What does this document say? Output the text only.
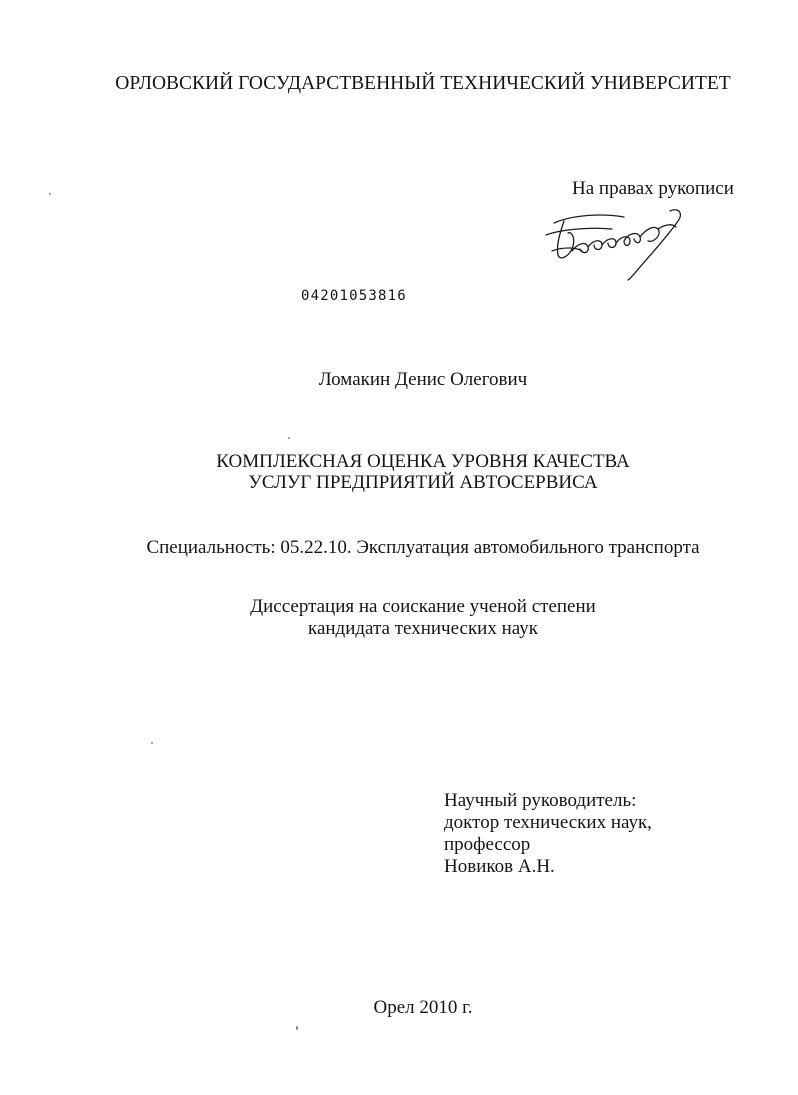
ОРЛОВСКИЙ ГОСУДАРСТВЕННЫЙ ТЕХНИЧЕСКИЙ УНИВЕРСИТЕТ
На правах рукописи
04201053816
Ломакин Денис Олегович
КОМПЛЕКСНАЯ ОЦЕНКА УРОВНЯ КАЧЕСТВА
УСЛУГ ПРЕДПРИЯТИЙ АВТОСЕРВИСА
Специальность: 05.22.10. Эксплуатация автомобильного транспорта
Диссертация на соискание ученой степени
кандидата технических наук
Научный руководитель:
доктор технических наук,
профессор
Новиков А.Н.
Орел 2010 г.
